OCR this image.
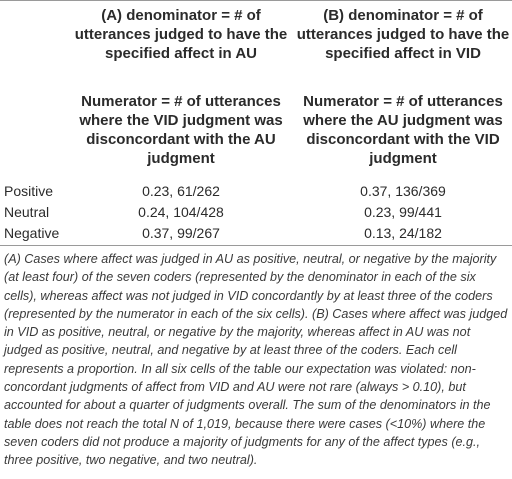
(A) denominator = # of utterances judged to have the specified affect in AU
(B) denominator = # of utterances judged to have the specified affect in VID
Numerator = # of utterances where the VID judgment was disconcordant with the AU judgment
Numerator = # of utterances where the AU judgment was disconcordant with the VID judgment
Positive	0.23, 61/262	0.37, 136/369
Neutral	0.24, 104/428	0.23, 99/441
Negative	0.37, 99/267	0.13, 24/182
(A) Cases where affect was judged in AU as positive, neutral, or negative by the majority (at least four) of the seven coders (represented by the denominator in each of the six cells), whereas affect was not judged in VID concordantly by at least three of the coders (represented by the numerator in each of the six cells). (B) Cases where affect was judged in VID as positive, neutral, or negative by the majority, whereas affect in AU was not judged as positive, neutral, and negative by at least three of the coders. Each cell represents a proportion. In all six cells of the table our expectation was violated: non-concordant judgments of affect from VID and AU were not rare (always > 0.10), but accounted for about a quarter of judgments overall. The sum of the denominators in the table does not reach the total N of 1,019, because there were cases (<10%) where the seven coders did not produce a majority of judgments for any of the affect types (e.g., three positive, two negative, and two neutral).
